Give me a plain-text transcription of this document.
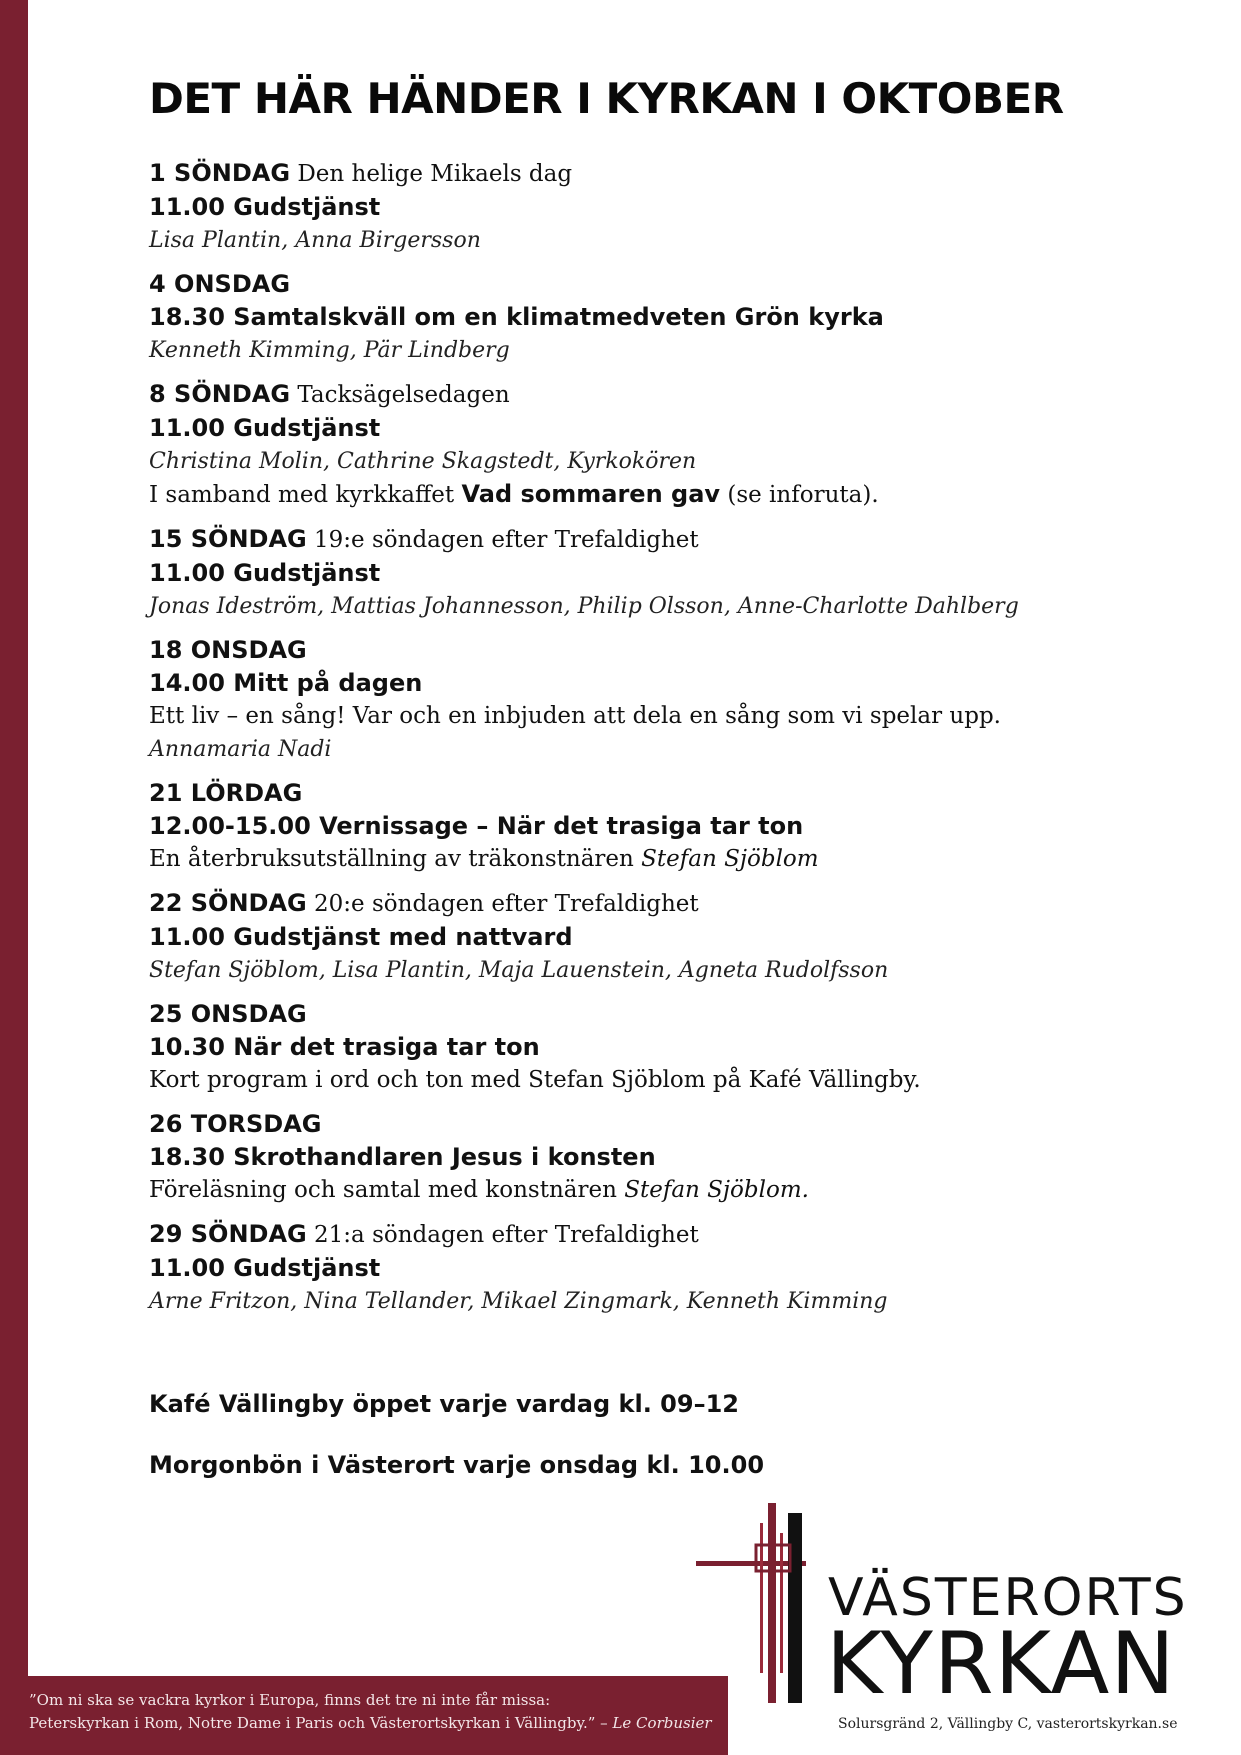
DET HÄR HÄNDER I KYRKAN I OKTOBER
1 SÖNDAG Den helige Mikaels dag
11.00 Gudstjänst
Lisa Plantin, Anna Birgersson
4 ONSDAG
18.30 Samtalskväll om en klimatmedveten Grön kyrka
Kenneth Kimming, Pär Lindberg
8 SÖNDAG Tacksägelsedagen
11.00 Gudstjänst
Christina Molin, Cathrine Skagstedt, Kyrkokören
I samband med kyrkkaffet Vad sommaren gav (se inforuta).
15 SÖNDAG 19:e söndagen efter Trefaldighet
11.00 Gudstjänst
Jonas Ideström, Mattias Johannesson, Philip Olsson, Anne-Charlotte Dahlberg
18 ONSDAG
14.00 Mitt på dagen
Ett liv – en sång! Var och en inbjuden att dela en sång som vi spelar upp.
Annamaria Nadi
21 LÖRDAG
12.00-15.00 Vernissage – När det trasiga tar ton
En återbruksutställning av träkonstnären Stefan Sjöblom
22 SÖNDAG 20:e söndagen efter Trefaldighet
11.00 Gudstjänst med nattvard
Stefan Sjöblom, Lisa Plantin, Maja Lauenstein, Agneta Rudolfsson
25 ONSDAG
10.30 När det trasiga tar ton
Kort program i ord och ton med Stefan Sjöblom på Kafé Vällingby.
26 TORSDAG
18.30 Skrothandlaren Jesus i konsten
Föreläsning och samtal med konstnären Stefan Sjöblom.
29 SÖNDAG 21:a söndagen efter Trefaldighet
11.00 Gudstjänst
Arne Fritzon, Nina Tellander, Mikael Zingmark, Kenneth Kimming
Kafé Vällingby öppet varje vardag kl. 09–12
Morgonbön i Västerort varje onsdag kl. 10.00
VÄSTERORTS
KYRKAN
Solursgränd 2, Vällingby C, vasterortskyrkan.se
”Om ni ska se vackra kyrkor i Europa, finns det tre ni inte får missa:
Peterskyrkan i Rom, Notre Dame i Paris och Västerortskyrkan i Vällingby.” – Le Corbusier
